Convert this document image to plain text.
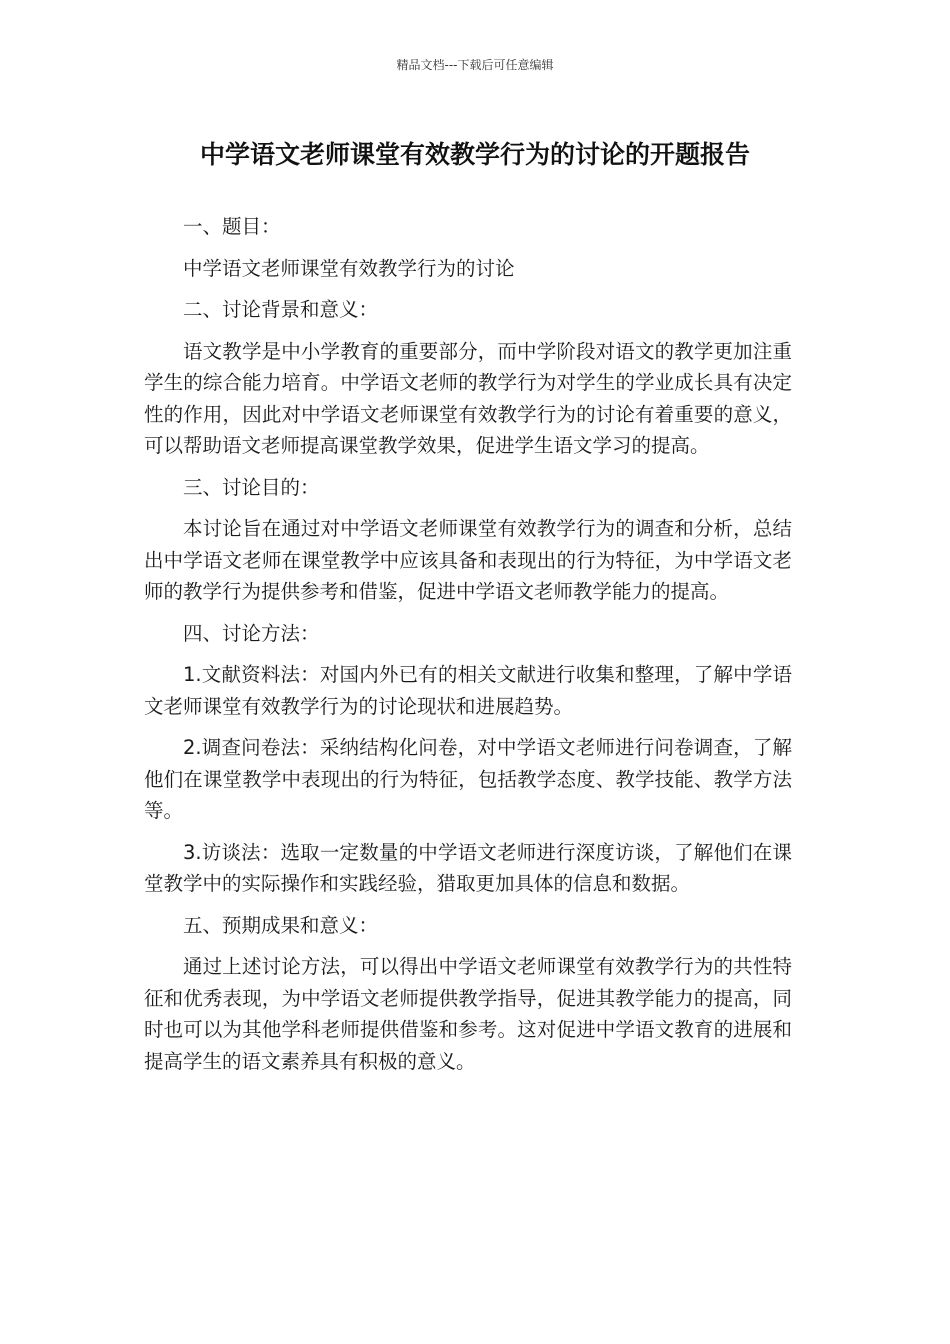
精品文档---下载后可任意编辑
中学语文老师课堂有效教学行为的讨论的开题报告

一、题目：

中学语文老师课堂有效教学行为的讨论

二、讨论背景和意义：

语文教学是中小学教育的重要部分，而中学阶段对语文的教学更加注重学生的综合能力培育。中学语文老师的教学行为对学生的学业成长具有决定性的作用，因此对中学语文老师课堂有效教学行为的讨论有着重要的意义，可以帮助语文老师提高课堂教学效果，促进学生语文学习的提高。

三、讨论目的：

本讨论旨在通过对中学语文老师课堂有效教学行为的调查和分析，总结出中学语文老师在课堂教学中应该具备和表现出的行为特征，为中学语文老师的教学行为提供参考和借鉴，促进中学语文老师教学能力的提高。

四、讨论方法：

1.文献资料法：对国内外已有的相关文献进行收集和整理，了解中学语文老师课堂有效教学行为的讨论现状和进展趋势。

2.调查问卷法：采纳结构化问卷，对中学语文老师进行问卷调查，了解他们在课堂教学中表现出的行为特征，包括教学态度、教学技能、教学方法等。

3.访谈法：选取一定数量的中学语文老师进行深度访谈，了解他们在课堂教学中的实际操作和实践经验，猎取更加具体的信息和数据。

五、预期成果和意义：

通过上述讨论方法，可以得出中学语文老师课堂有效教学行为的共性特征和优秀表现，为中学语文老师提供教学指导，促进其教学能力的提高，同时也可以为其他学科老师提供借鉴和参考。这对促进中学语文教育的进展和提高学生的语文素养具有积极的意义。
